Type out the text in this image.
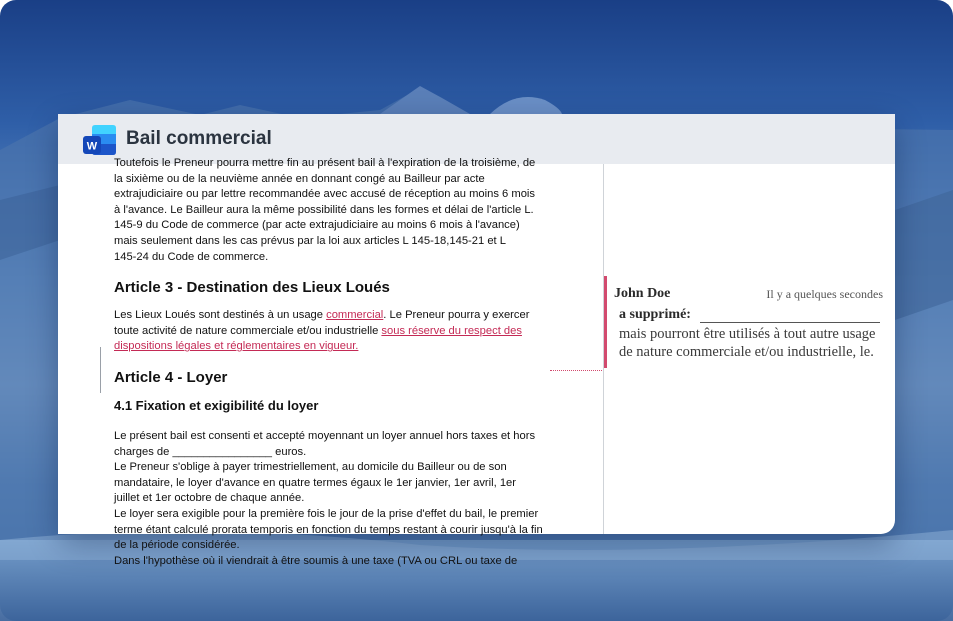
W Bail commercial

Toutefois le Preneur pourra mettre fin au présent bail à l'expiration de la troisième, de
la sixième ou de la neuvième année en donnant congé au Bailleur par acte
extrajudiciaire ou par lettre recommandée avec accusé de réception au moins 6 mois
à l'avance. Le Bailleur aura la même possibilité dans les formes et délai de l'article L.
145-9 du Code de commerce (par acte extrajudiciaire au moins 6 mois à l'avance)
mais seulement dans les cas prévus par la loi aux articles L 145-18,145-21 et L
145-24 du Code de commerce.

Article 3 - Destination des Lieux Loués

Les Lieux Loués sont destinés à un usage commercial. Le Preneur pourra y exercer
toute activité de nature commerciale et/ou industrielle sous réserve du respect des
dispositions légales et réglementaires en vigueur.

Article 4 - Loyer
4.1 Fixation et exigibilité du loyer

Le présent bail est consenti et accepté moyennant un loyer annuel hors taxes et hors
charges de ________________ euros.
Le Preneur s'oblige à payer trimestriellement, au domicile du Bailleur ou de son
mandataire, le loyer d'avance en quatre termes égaux le 1er janvier, 1er avril, 1er
juillet et 1er octobre de chaque année.
Le loyer sera exigible pour la première fois le jour de la prise d'effet du bail, le premier
terme étant calculé prorata temporis en fonction du temps restant à courir jusqu'à la fin
de la période considérée.
Dans l'hypothèse où il viendrait à être soumis à une taxe (TVA ou CRL ou taxe de

John Doe	Il y a quelques secondes
a supprimé:
mais pourront être utilisés à tout autre usage de nature commerciale et/ou industrielle, le.
